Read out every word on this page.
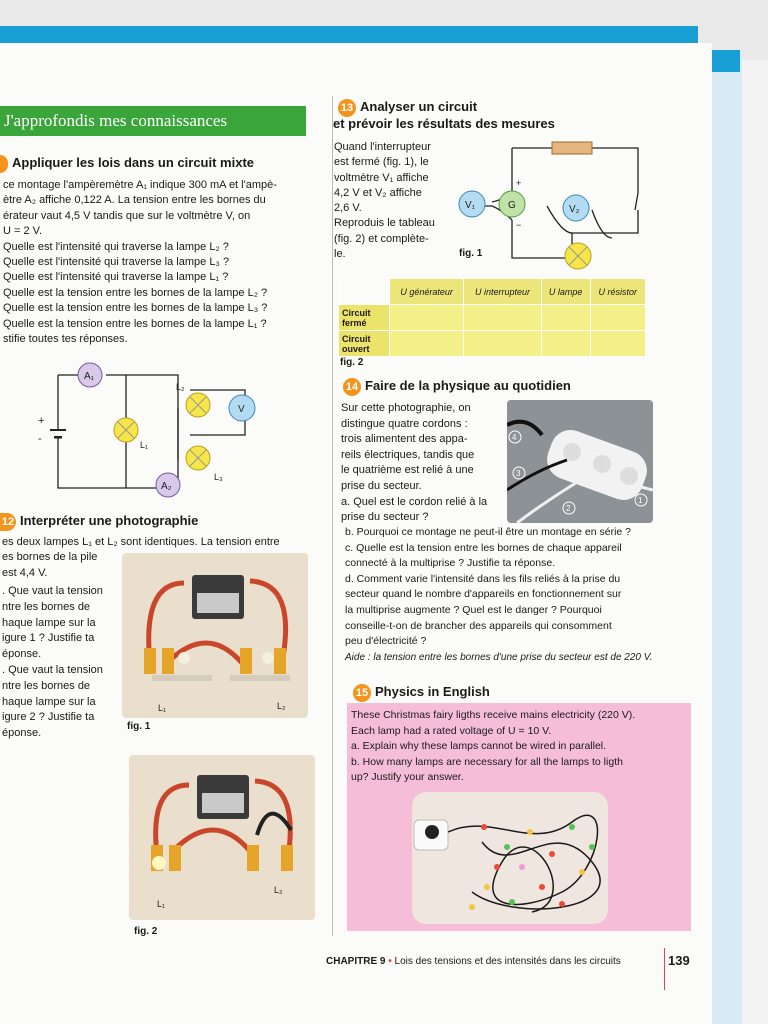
J'approfondis mes connaissances
Appliquer les lois dans un circuit mixte
ce montage l'ampèremètre A₁ indique 300 mA et l'ampè-
ètre A₂ affiche 0,122 A. La tension entre les bornes du
érateur vaut 4,5 V tandis que sur le voltmètre V, on
U = 2 V.
Quelle est l'intensité qui traverse la lampe L₂ ?
Quelle est l'intensité qui traverse la lampe L₃ ?
Quelle est l'intensité qui traverse la lampe L₁ ?
Quelle est la tension entre les bornes de la lampe L₂ ?
Quelle est la tension entre les bornes de la lampe L₃ ?
Quelle est la tension entre les bornes de la lampe L₁ ?
stifie toutes tes réponses.
+
-
A₁
L₁
L₂
L₃
V
A₂
12 Interpréter une photographie
es deux lampes L₁ et L₂ sont identiques. La tension entre
es bornes de la pile
est 4,4 V.
. Que vaut la tension
ntre les bornes de
haque lampe sur la
igure 1 ? Justifie ta
éponse.
. Que vaut la tension
ntre les bornes de
haque lampe sur la
igure 2 ? Justifie ta
éponse.
L₁	L₂
fig. 1
L₁
L₂
fig. 2
13 Analyser un circuit
et prévoir les résultats des mesures
Quand l'interrupteur
est fermé (fig. 1), le
voltmètre V₁ affiche
4,2 V et V₂ affiche
2,6 V.
Reproduis le tableau
(fig. 2) et complète-
le.
V₁	G
+
−
V₂
fig. 1
	U générateur	U interrupteur	U lampe	U résistor
Circuit fermé				
Circuit ouvert				
fig. 2
14 Faire de la physique au quotidien
Sur cette photographie, on
distingue quatre cordons :
trois alimentent des appa-
reils électriques, tandis que
le quatrième est relié à une
prise du secteur.
a. Quel est le cordon relié à la
prise du secteur ?
4
3
2
1
b. Pourquoi ce montage ne peut-il être un montage en série ?
c. Quelle est la tension entre les bornes de chaque appareil
connecté à la multiprise ? Justifie ta réponse.
d. Comment varie l'intensité dans les fils reliés à la prise du
secteur quand le nombre d'appareils en fonctionnement sur
la multiprise augmente ? Quel est le danger ? Pourquoi
conseille-t-on de brancher des appareils qui consomment
peu d'électricité ?
Aide : la tension entre les bornes d'une prise du secteur est de 220 V.
15 Physics in English
These Christmas fairy ligths receive mains electricity (220 V).
Each lamp had a rated voltage of U = 10 V.
a. Explain why these lamps cannot be wired in parallel.
b. How many lamps are necessary for all the lamps to ligth
up? Justify your answer.
CHAPITRE 9 • Lois des tensions et des intensités dans les circuits	139
